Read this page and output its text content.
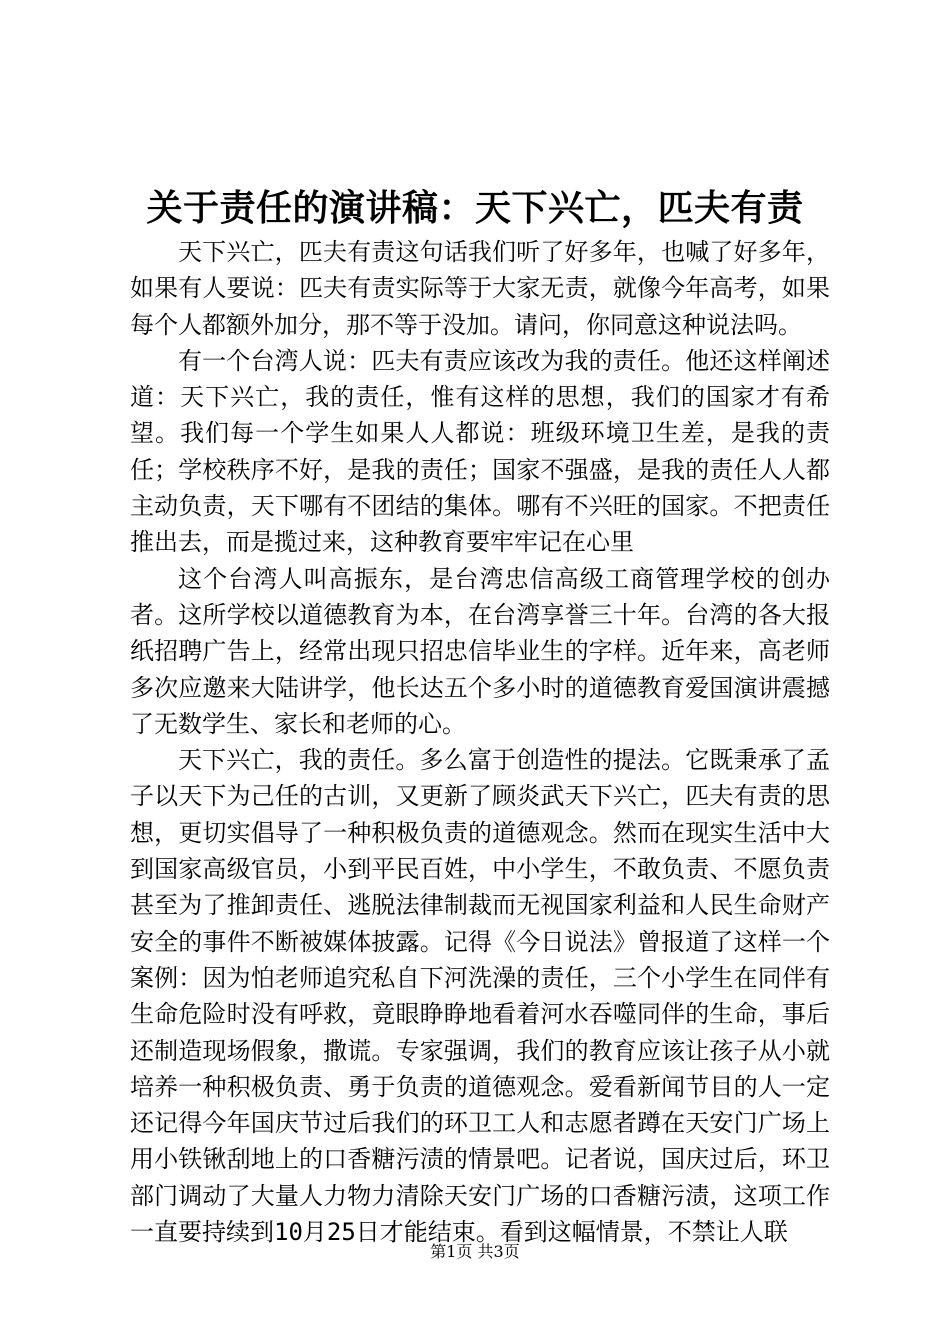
关于责任的演讲稿：天下兴亡，匹夫有责

天下兴亡，匹夫有责这句话我们听了好多年，也喊了好多年，如果有人要说：匹夫有责实际等于大家无责，就像今年高考，如果每个人都额外加分，那不等于没加。请问，你同意这种说法吗。

有一个台湾人说：匹夫有责应该改为我的责任。他还这样阐述道：天下兴亡，我的责任，惟有这样的思想，我们的国家才有希望。我们每一个学生如果人人都说：班级环境卫生差，是我的责任；学校秩序不好，是我的责任；国家不强盛，是我的责任人人都主动负责，天下哪有不团结的集体。哪有不兴旺的国家。不把责任推出去，而是揽过来，这种教育要牢牢记在心里

这个台湾人叫高振东，是台湾忠信高级工商管理学校的创办者。这所学校以道德教育为本，在台湾享誉三十年。台湾的各大报纸招聘广告上，经常出现只招忠信毕业生的字样。近年来，高老师多次应邀来大陆讲学，他长达五个多小时的道德教育爱国演讲震撼了无数学生、家长和老师的心。

天下兴亡，我的责任。多么富于创造性的提法。它既秉承了孟子以天下为己任的古训，又更新了顾炎武天下兴亡，匹夫有责的思想，更切实倡导了一种积极负责的道德观念。然而在现实生活中大到国家高级官员，小到平民百姓，中小学生，不敢负责、不愿负责甚至为了推卸责任、逃脱法律制裁而无视国家利益和人民生命财产安全的事件不断被媒体披露。记得《今日说法》曾报道了这样一个案例：因为怕老师追究私自下河洗澡的责任，三个小学生在同伴有生命危险时没有呼救，竟眼睁睁地看着河水吞噬同伴的生命，事后还制造现场假象，撒谎。专家强调，我们的教育应该让孩子从小就培养一种积极负责、勇于负责的道德观念。爱看新闻节目的人一定还记得今年国庆节过后我们的环卫工人和志愿者蹲在天安门广场上用小铁锹刮地上的口香糖污渍的情景吧。记者说，国庆过后，环卫部门调动了大量人力物力清除天安门广场的口香糖污渍，这项工作一直要持续到10月25日才能结束。看到这幅情景，不禁让人联

第1页 共3页
